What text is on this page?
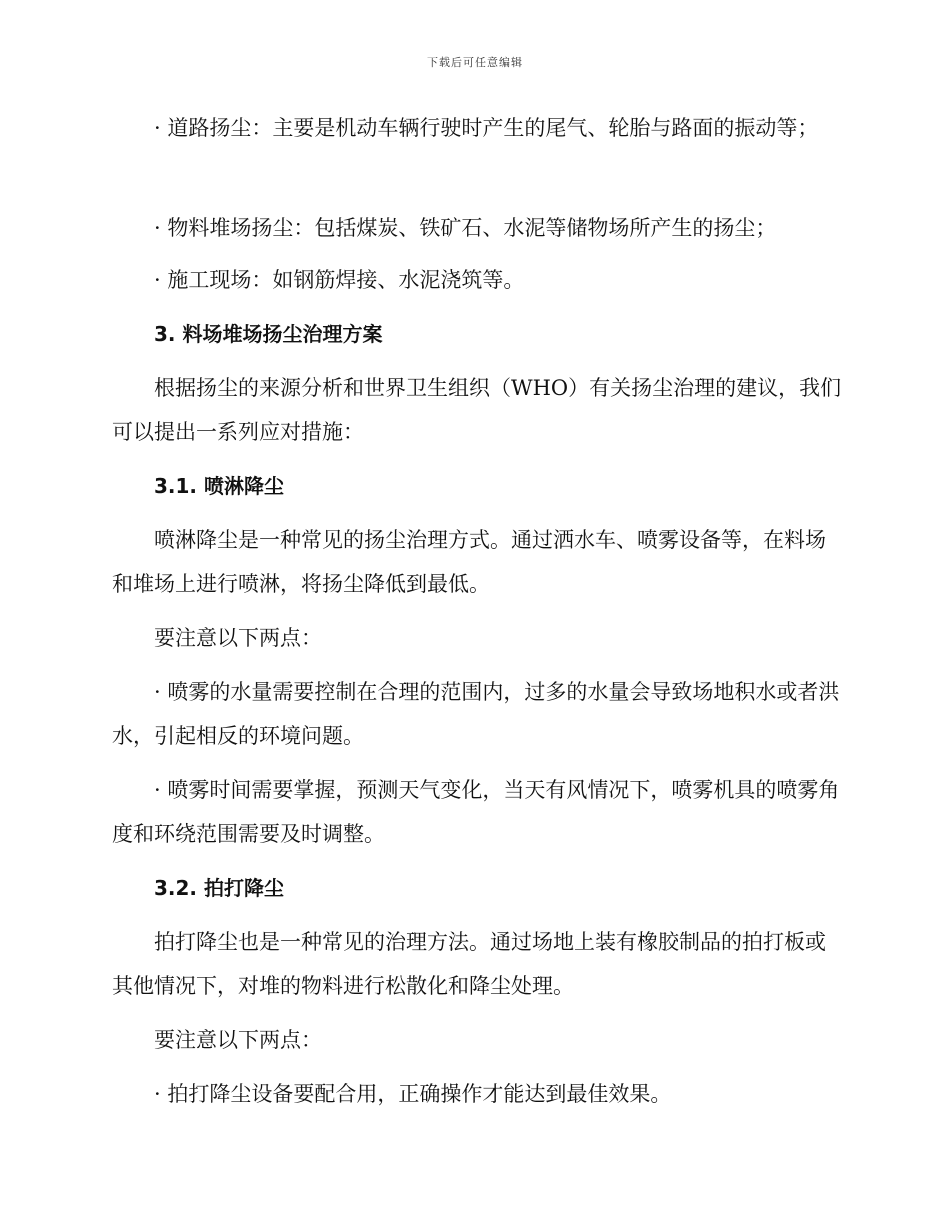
下载后可任意编辑

· 道路扬尘：主要是机动车辆行驶时产生的尾气、轮胎与路面的振动等；

· 物料堆场扬尘：包括煤炭、铁矿石、水泥等储物场所产生的扬尘；

· 施工现场：如钢筋焊接、水泥浇筑等。

3. 料场堆场扬尘治理方案

根据扬尘的来源分析和世界卫生组织（WHO）有关扬尘治理的建议，我们可以提出一系列应对措施：

3.1. 喷淋降尘

喷淋降尘是一种常见的扬尘治理方式。通过洒水车、喷雾设备等，在料场和堆场上进行喷淋，将扬尘降低到最低。

要注意以下两点：

· 喷雾的水量需要控制在合理的范围内，过多的水量会导致场地积水或者洪水，引起相反的环境问题。

· 喷雾时间需要掌握，预测天气变化，当天有风情况下，喷雾机具的喷雾角度和环绕范围需要及时调整。

3.2. 拍打降尘

拍打降尘也是一种常见的治理方法。通过场地上装有橡胶制品的拍打板或其他情况下，对堆的物料进行松散化和降尘处理。

要注意以下两点：

· 拍打降尘设备要配合用，正确操作才能达到最佳效果。
